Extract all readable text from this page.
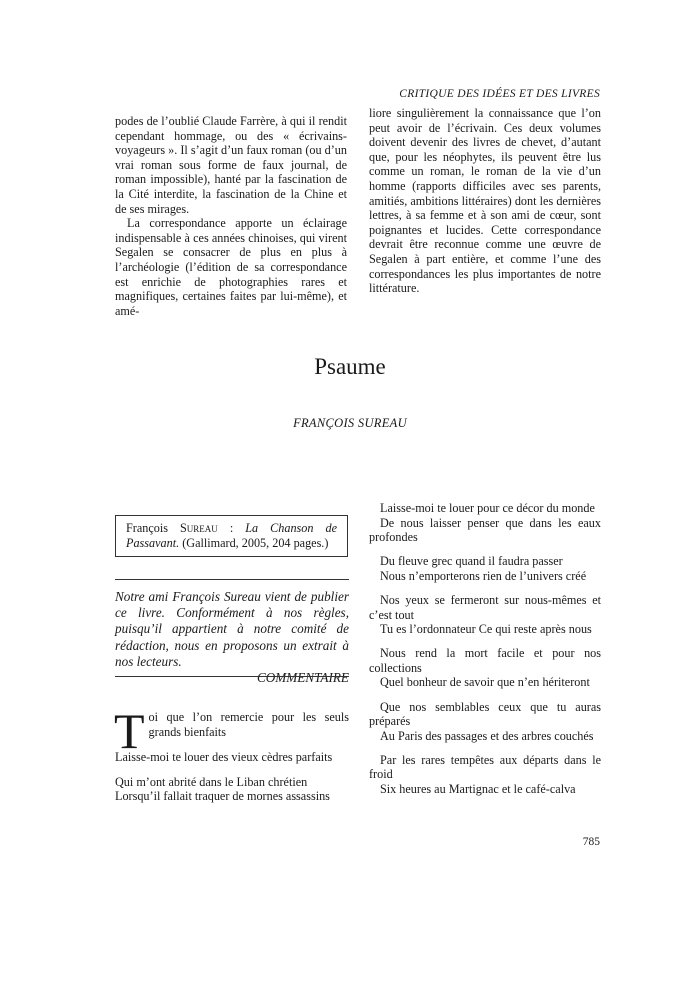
CRITIQUE DES IDÉES ET DES LIVRES

podes de l’oublié Claude Farrère, à qui il rendit cependant hommage, ou des « écrivains-voyageurs ». Il s’agit d’un faux roman (ou d’un vrai roman sous forme de faux journal, de roman impossible), hanté par la fascination de la Cité interdite, la fascination de la Chine et de ses mirages.

La correspondance apporte un éclairage indispensable à ces années chinoises, qui virent Segalen se consacrer de plus en plus à l’archéologie (l’édition de sa correspondance est enrichie de photographies rares et magnifiques, certaines faites par lui-même), et amé-

liore singulièrement la connaissance que l’on peut avoir de l’écrivain. Ces deux volumes doivent devenir des livres de chevet, d’autant que, pour les néophytes, ils peuvent être lus comme un roman, le roman de la vie d’un homme (rapports difficiles avec ses parents, amitiés, ambitions littéraires) dont les dernières lettres, à sa femme et à son ami de cœur, sont poignantes et lucides. Cette correspondance devrait être reconnue comme une œuvre de Segalen à part entière, et comme l’une des correspondances les plus importantes de notre littérature.

Psaume
FRANÇOIS SUREAU
François Sureau : La Chanson de Passavant. (Gallimard, 2005, 204 pages.)
Notre ami François Sureau vient de publier ce livre. Conformément à nos règles, puisqu’il appartient à notre comité de rédaction, nous en proposons un extrait à nos lecteurs.
COMMENTAIRE
T oi que l’on remercie pour les seuls grands bienfaits
Laisse-moi te louer des vieux cèdres parfaits
Qui m’ont abrité dans le Liban chrétien
Lorsqu’il fallait traquer de mornes assassins
Laisse-moi te louer pour ce décor du monde
De nous laisser penser que dans les eaux profondes
Du fleuve grec quand il faudra passer
Nous n’emporterons rien de l’univers créé
Nos yeux se fermeront sur nous-mêmes et c’est tout
Tu es l’ordonnateur Ce qui reste après nous
Nous rend la mort facile et pour nos collections
Quel bonheur de savoir que n’en hériteront
Que nos semblables ceux que tu auras préparés
Au Paris des passages et des arbres couchés
Par les rares tempêtes aux départs dans le froid
Six heures au Martignac et le café-calva
785
